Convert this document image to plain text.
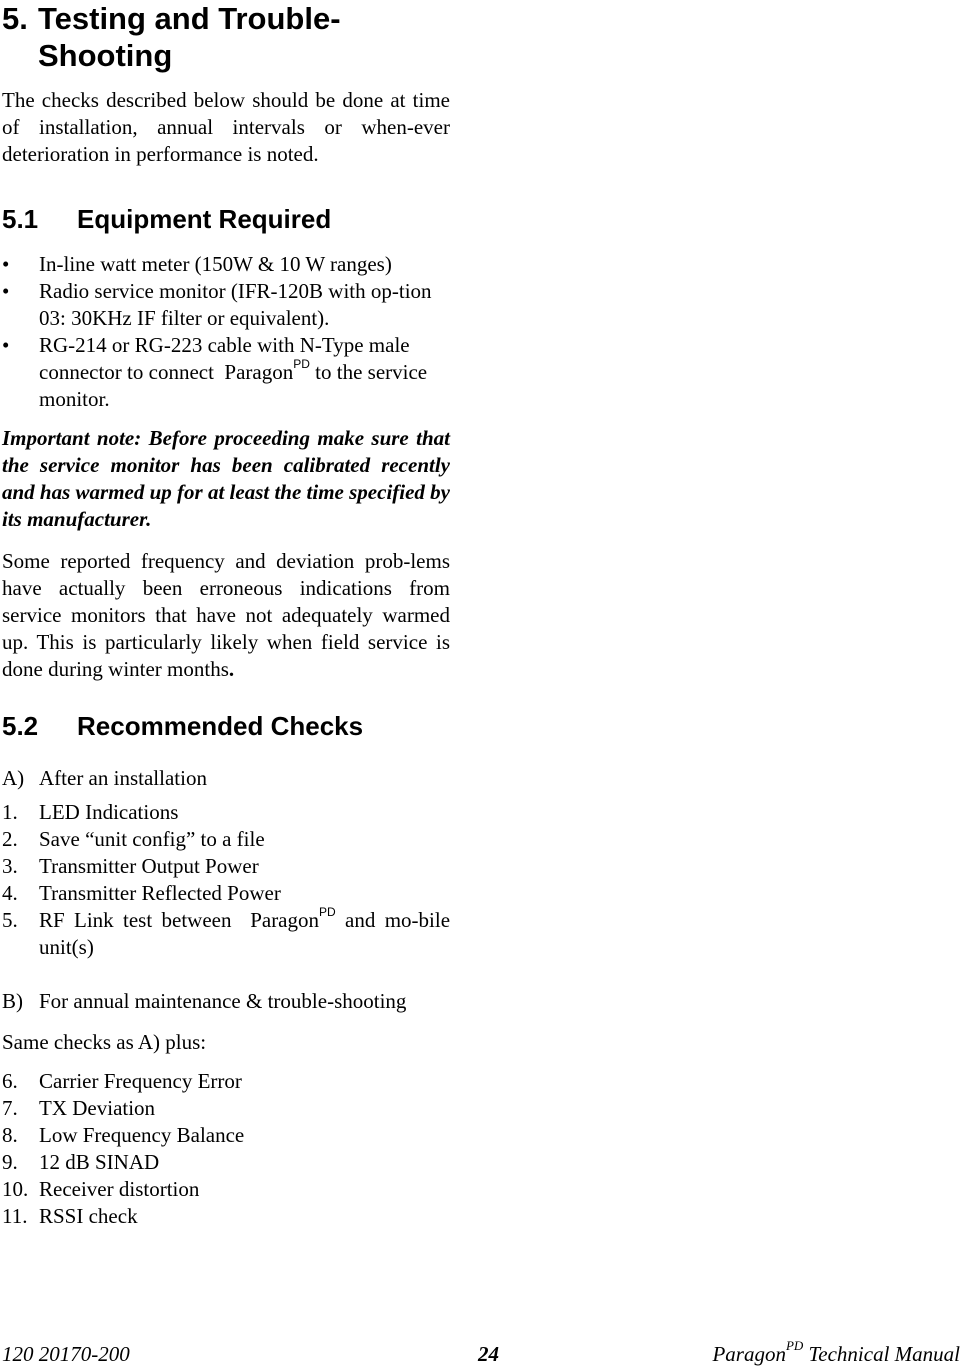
5. Testing and Trouble-Shooting

The checks described below should be done at time of installation, annual intervals or when-ever deterioration in performance is noted.

5.1	Equipment Required
•	In-line watt meter (150W & 10 W ranges)
•	Radio service monitor (IFR-120B with op-tion 03: 30KHz IF filter or equivalent).
•	RG-214 or RG-223 cable with N-Type male connector to connect Paragon$^{PD}$ to the service monitor.

Important note: Before proceeding make sure that the service monitor has been calibrated recently and has warmed up for at least the time specified by its manufacturer.

Some reported frequency and deviation prob-lems have actually been erroneous indications from service monitors that have not adequately warmed up. This is particularly likely when field service is done during winter months.

5.2	Recommended Checks
A) After an installation
1.	LED Indications
2.	Save “unit config” to a file
3.	Transmitter Output Power
4.	Transmitter Reflected Power
5.	RF Link test between Paragon$^{PD}$ and mo-bile unit(s)
B) For annual maintenance & trouble-shooting

Same checks as A) plus:

6.	Carrier Frequency Error
7.	TX Deviation
8.	Low Frequency Balance
9.	12 dB SINAD
10. Receiver distortion
11. RSSI check
120 20170-200	24	Paragon$^{PD}$ Technical Manual
